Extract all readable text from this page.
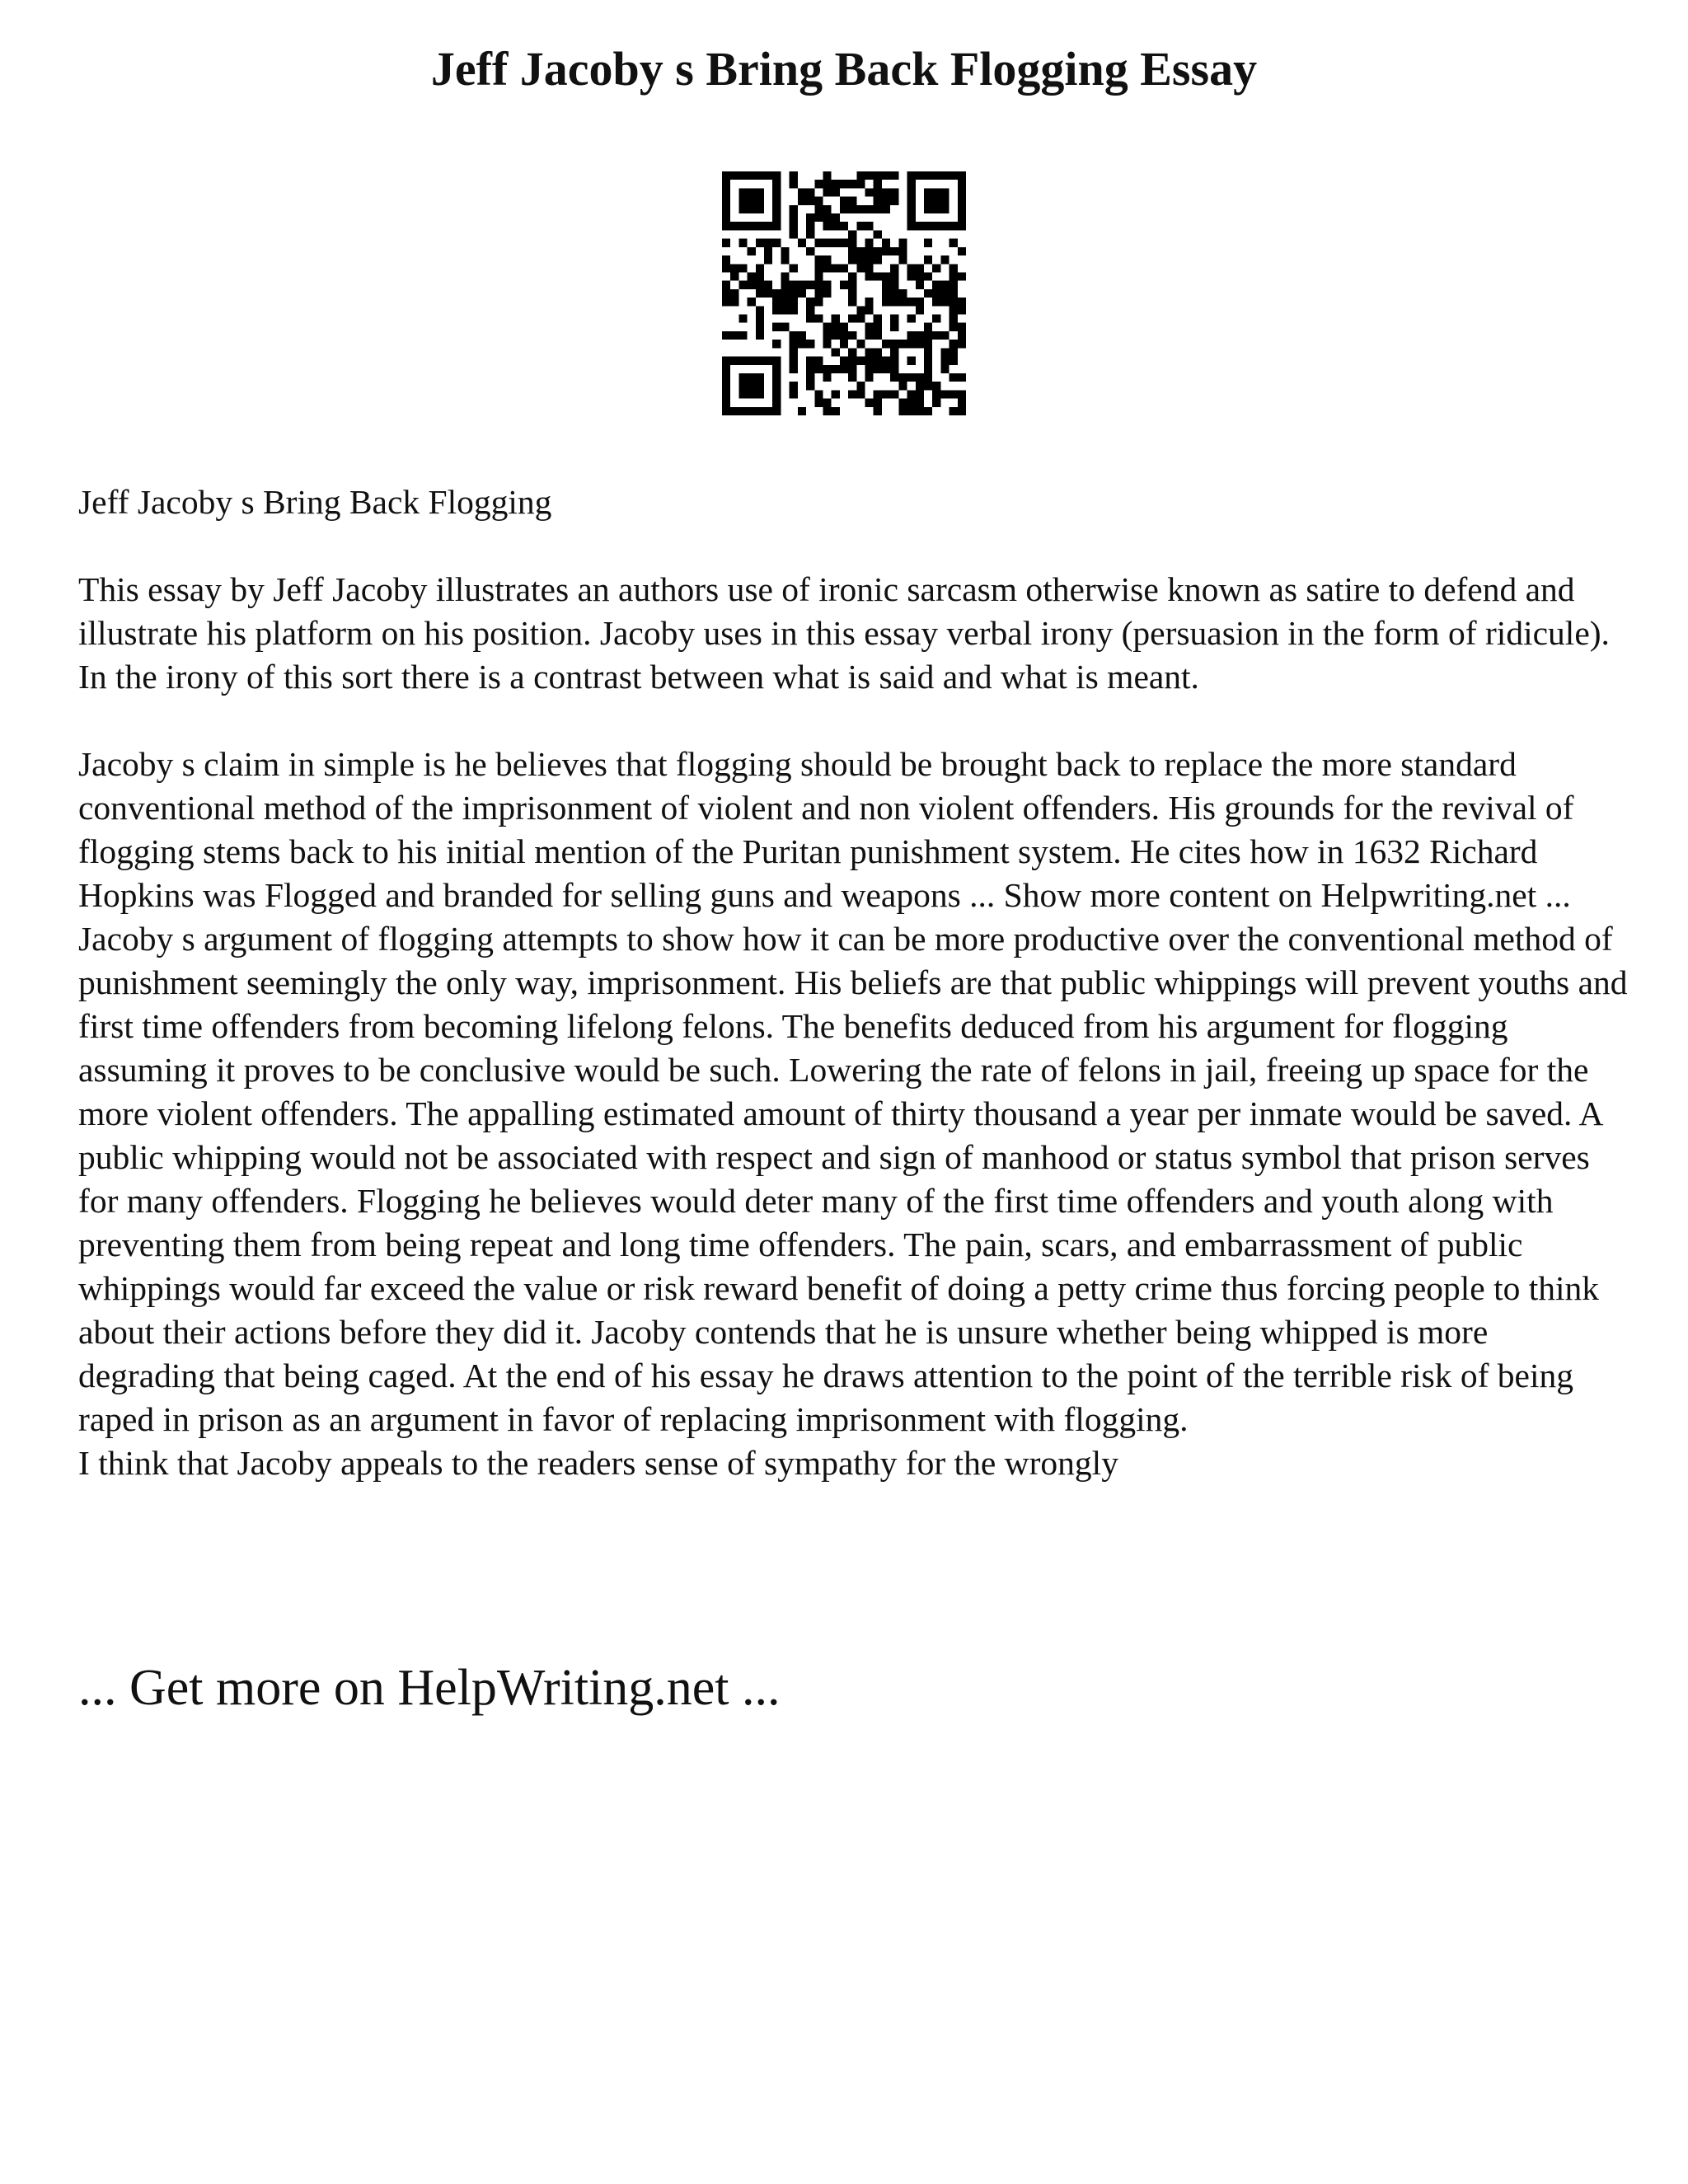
Jeff Jacoby s Bring Back Flogging Essay

Jeff Jacoby s Bring Back Flogging

This essay by Jeff Jacoby illustrates an authors use of ironic sarcasm otherwise known as satire to defend and illustrate his platform on his position. Jacoby uses in this essay verbal irony (persuasion in the form of ridicule). In the irony of this sort there is a contrast between what is said and what is meant.

Jacoby s claim in simple is he believes that flogging should be brought back to replace the more standard conventional method of the imprisonment of violent and non violent offenders. His grounds for the revival of flogging stems back to his initial mention of the Puritan punishment system. He cites how in 1632 Richard Hopkins was Flogged and branded for selling guns and weapons ... Show more content on Helpwriting.net ...

Jacoby s argument of flogging attempts to show how it can be more productive over the conventional method of punishment seemingly the only way, imprisonment. His beliefs are that public whippings will prevent youths and first time offenders from becoming lifelong felons. The benefits deduced from his argument for flogging assuming it proves to be conclusive would be such. Lowering the rate of felons in jail, freeing up space for the more violent offenders. The appalling estimated amount of thirty thousand a year per inmate would be saved. A public whipping would not be associated with respect and sign of manhood or status symbol that prison serves for many offenders. Flogging he believes would deter many of the first time offenders and youth along with preventing them from being repeat and long time offenders. The pain, scars, and embarrassment of public whippings would far exceed the value or risk reward benefit of doing a petty crime thus forcing people to think about their actions before they did it. Jacoby contends that he is unsure whether being whipped is more degrading that being caged. At the end of his essay he draws attention to the point of the terrible risk of being raped in prison as an argument in favor of replacing imprisonment with flogging.

I think that Jacoby appeals to the readers sense of sympathy for the wrongly

... Get more on HelpWriting.net ...
